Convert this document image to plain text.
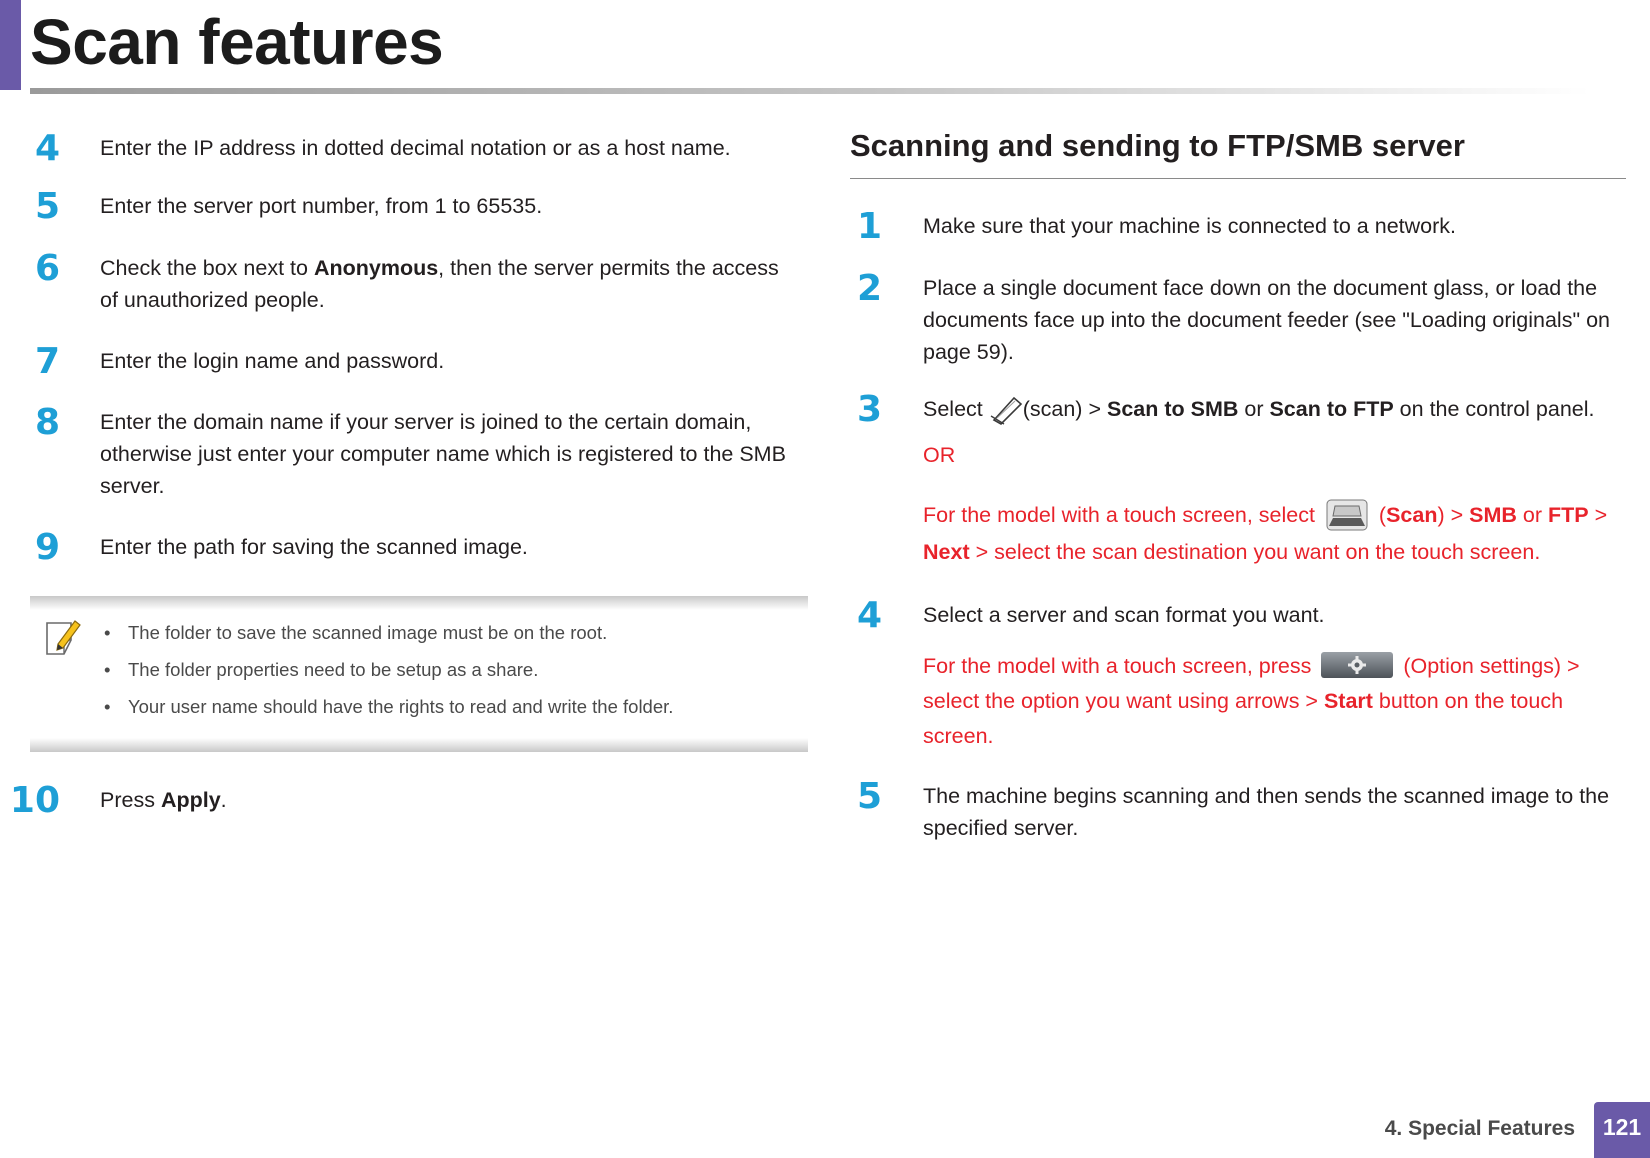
Scan features
4 Enter the IP address in dotted decimal notation or as a host name.
5 Enter the server port number, from 1 to 65535.
6 Check the box next to Anonymous, then the server permits the access of unauthorized people.
7 Enter the login name and password.
8 Enter the domain name if your server is joined to the certain domain, otherwise just enter your computer name which is registered to the SMB server.
9 Enter the path for saving the scanned image.
• The folder to save the scanned image must be on the root.
• The folder properties need to be setup as a share.
• Your user name should have the rights to read and write the folder.
10 Press Apply.
Scanning and sending to FTP/SMB server
1 Make sure that your machine is connected to a network.
2 Place a single document face down on the document glass, or load the documents face up into the document feeder (see "Loading originals" on page 59).
3 Select (scan) > Scan to SMB or Scan to FTP on the control panel.
OR
For the model with a touch screen, select  (Scan) > SMB or FTP > Next > select the scan destination you want on the touch screen.
4 Select a server and scan format you want.
For the model with a touch screen, press	(Option settings) > select the option you want using arrows > Start button on the touch screen.
5 The machine begins scanning and then sends the scanned image to the specified server.
4. Special Features	121
